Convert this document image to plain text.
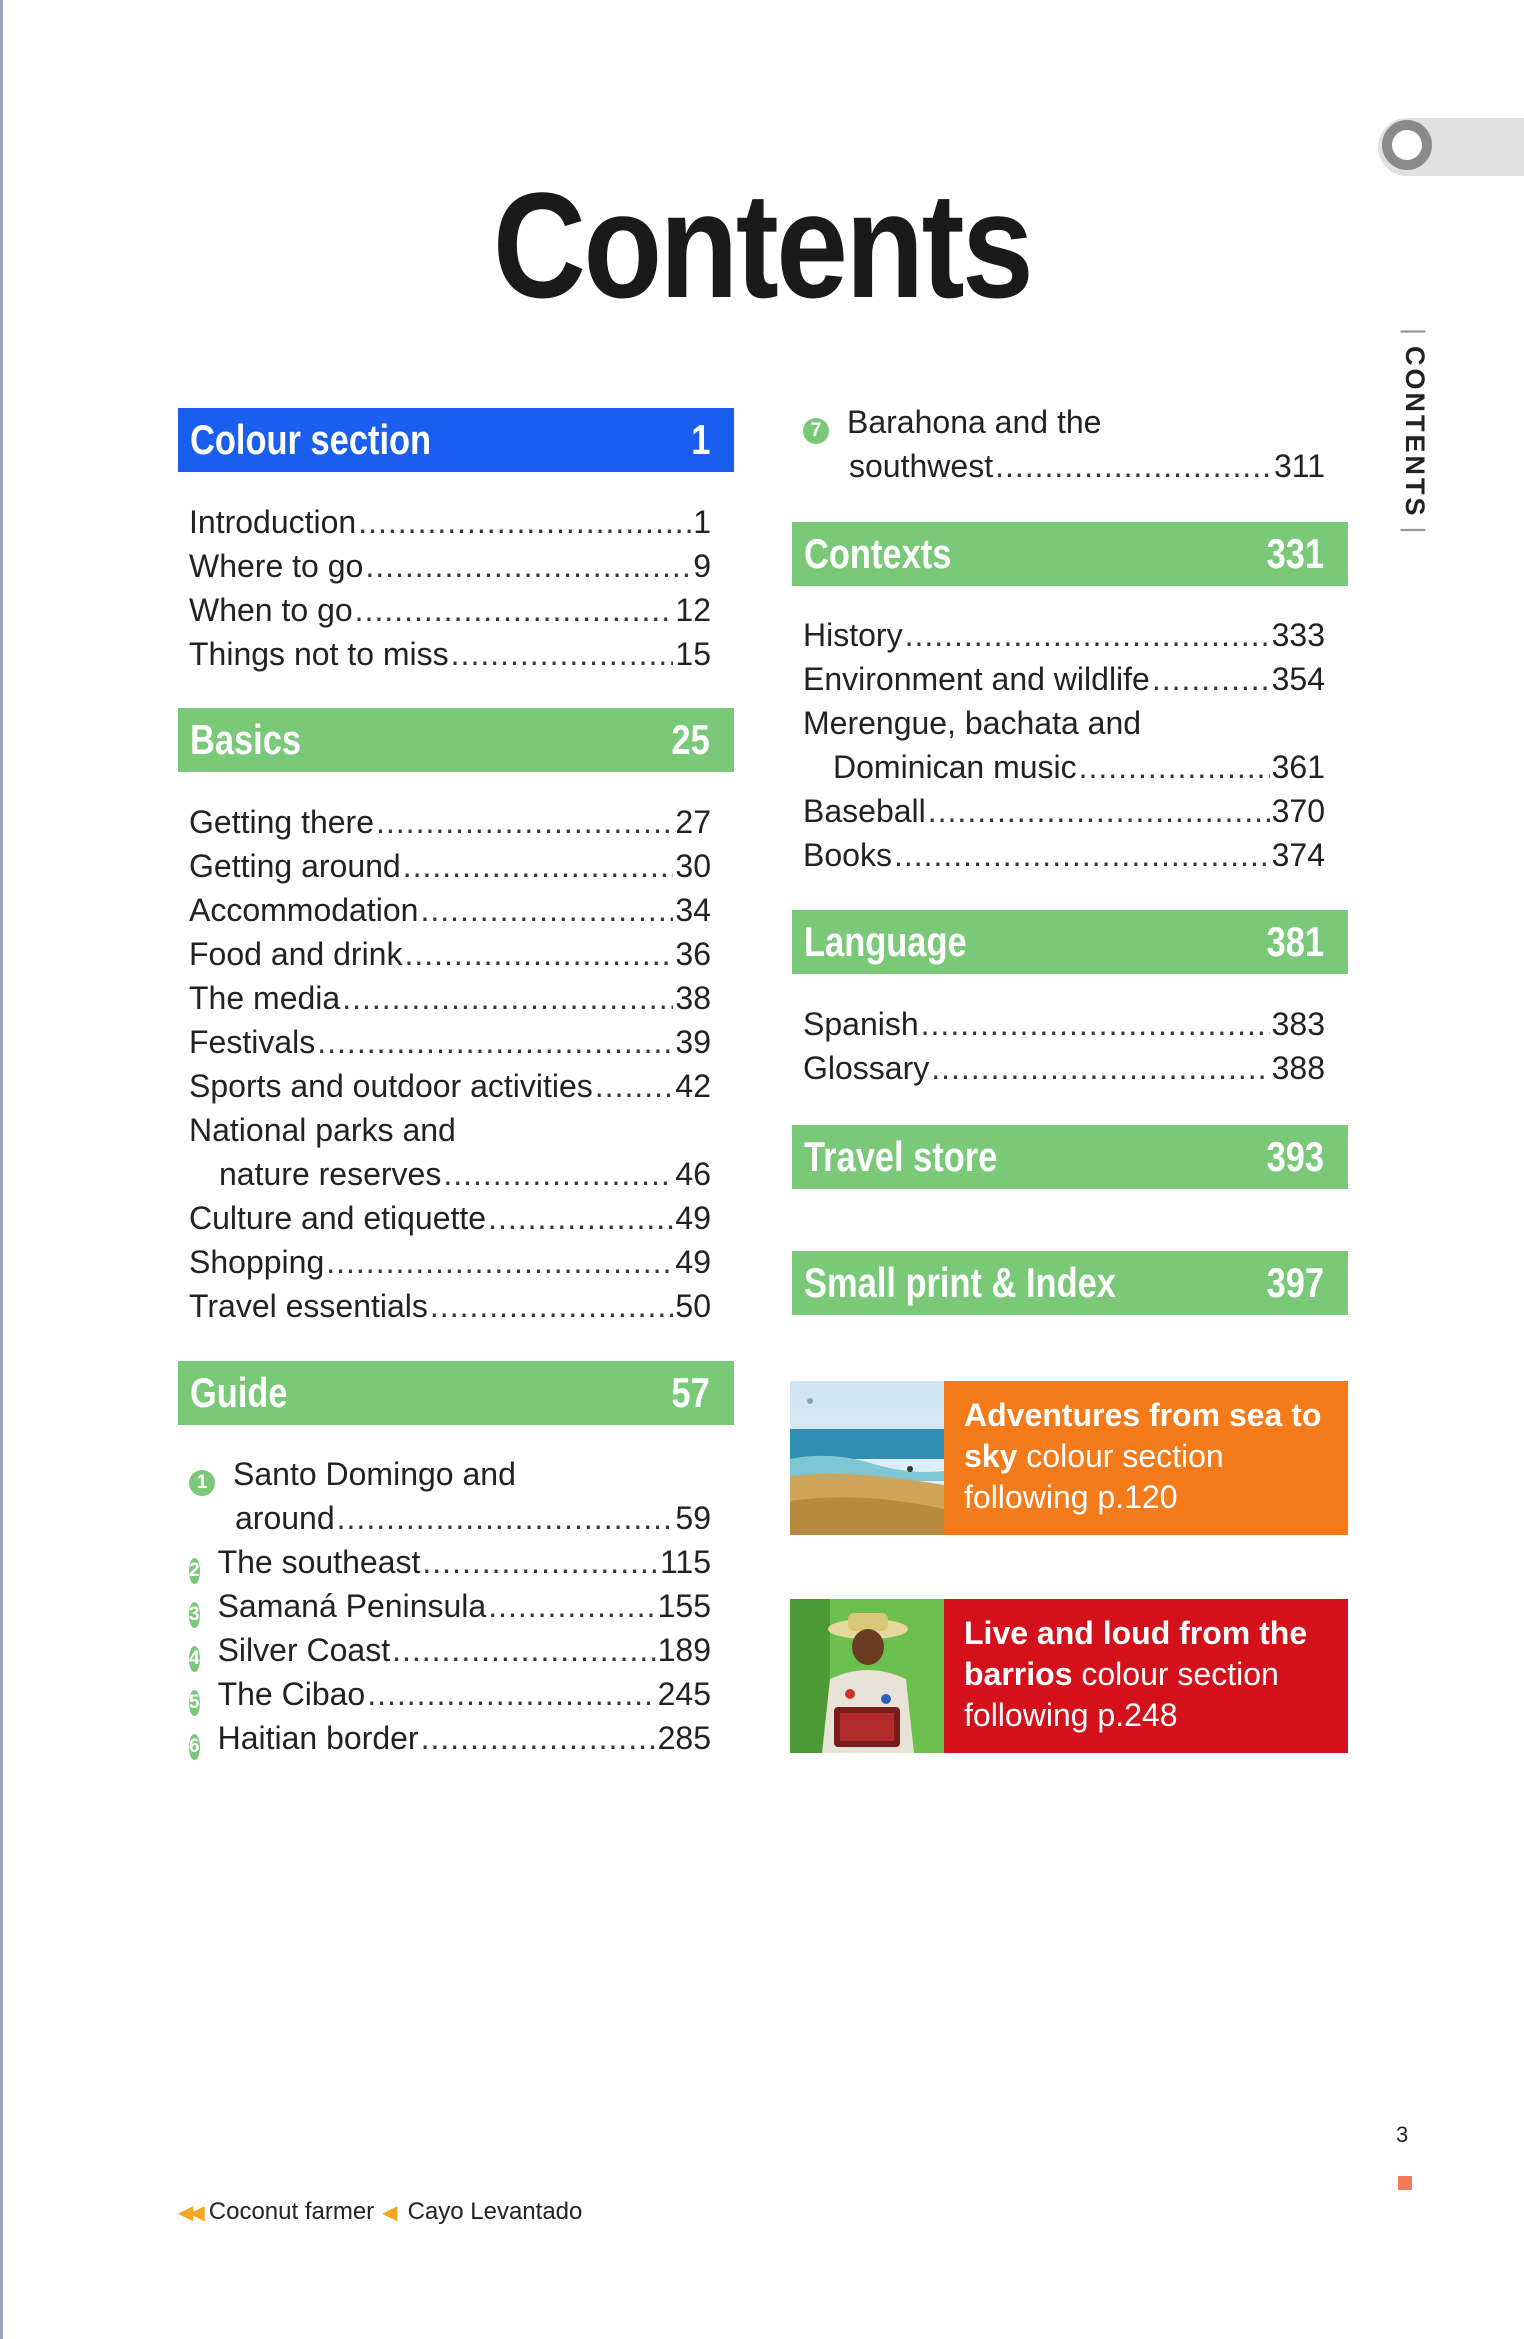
Contents
|CONTENTS|
Colour section	1
Introduction .....	1
Where to go .....	9
When to go .....	12
Things not to miss .....	15
Basics	25
Getting there .....	27
Getting around .....	30
Accommodation .....	34
Food and drink .....	36
The media .....	38
Festivals .....	39
Sports and outdoor activities .....	42
National parks and
nature reserves .....	46
Culture and etiquette .....	49
Shopping .....	49
Travel essentials .....	50
Guide	57
1 Santo Domingo and
around .....	59
2 The southeast .....	115
3 Samaná Peninsula .....	155
4 Silver Coast .....	189
5 The Cibao .....	245
6 Haitian border .....	285
7 Barahona and the
southwest .....	311
Contexts	331
History .....	333
Environment and wildlife .....	354
Merengue, bachata and
Dominican music .....	361
Baseball .....	370
Books .....	374
Language	381
Spanish .....	383
Glossary .....	388
Travel store	393
Small print & Index	397
Adventures from sea to sky colour section following p.120
Live and loud from the barrios colour section following p.248
◀◀ Coconut farmer ◀ Cayo Levantado
3
